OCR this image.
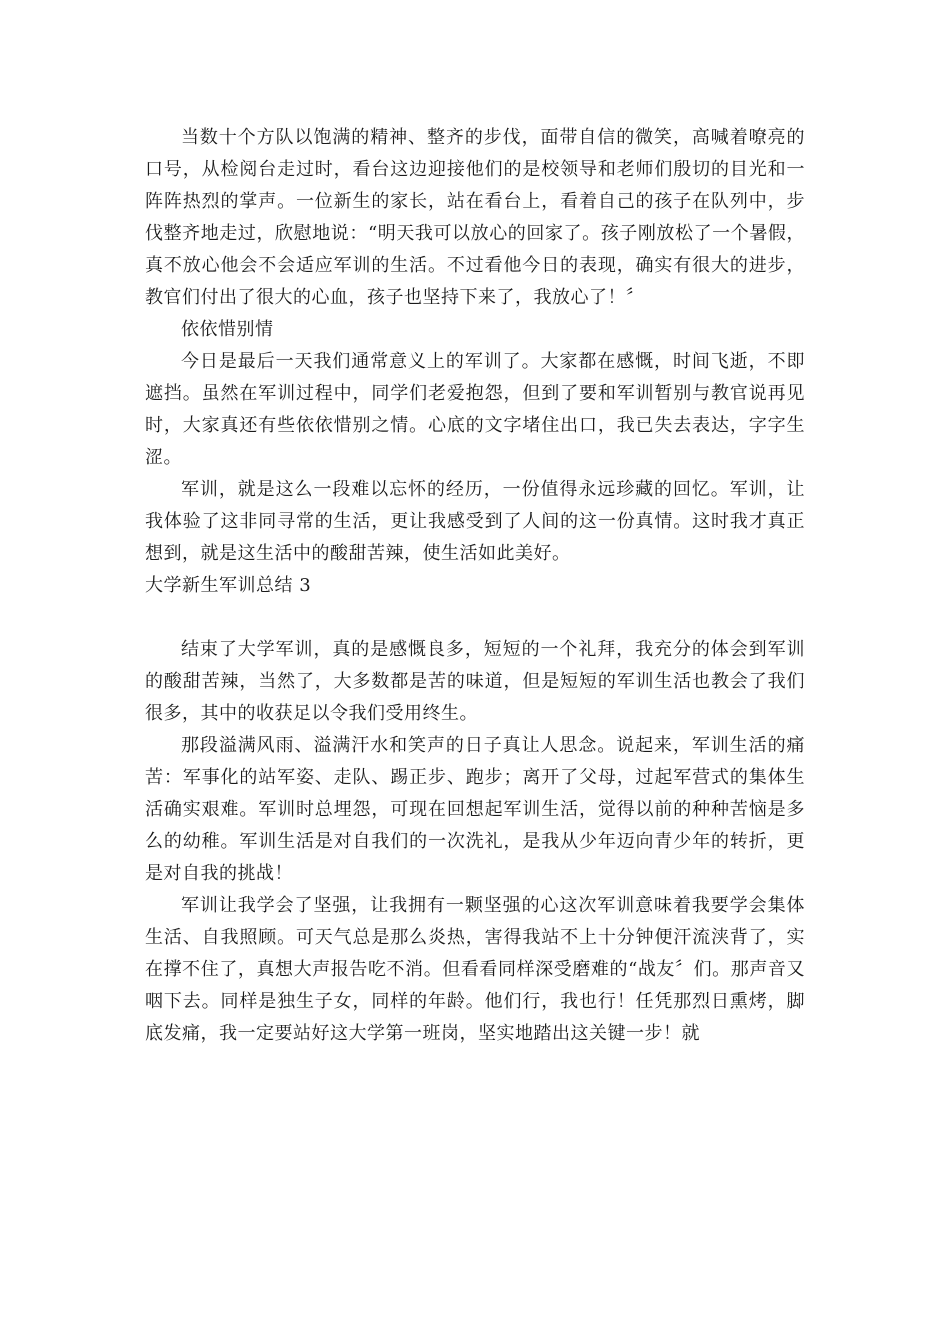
当数十个方队以饱满的精神、整齐的步伐，面带自信的微笑，高喊着嘹亮的口号，从检阅台走过时，看台这边迎接他们的是校领导和老师们殷切的目光和一阵阵热烈的掌声。一位新生的家长，站在看台上，看着自己的孩子在队列中，步伐整齐地走过，欣慰地说：“明天我可以放心的回家了。孩子刚放松了一个暑假，真不放心他会不会适应军训的生活。不过看他今日的表现，确实有很大的进步，教官们付出了很大的心血，孩子也坚持下来了，我放心了！〞

依依惜别情

今日是最后一天我们通常意义上的军训了。大家都在感慨，时间飞逝，不即遮挡。虽然在军训过程中，同学们老爱抱怨，但到了要和军训暂别与教官说再见时，大家真还有些依依惜别之情。心底的文字堵住出口，我已失去表达，字字生涩。

军训，就是这么一段难以忘怀的经历，一份值得永远珍藏的回忆。军训，让我体验了这非同寻常的生活，更让我感受到了人间的这一份真情。这时我才真正想到，就是这生活中的酸甜苦辣，使生活如此美好。

大学新生军训总结 3

结束了大学军训，真的是感慨良多，短短的一个礼拜，我充分的体会到军训的酸甜苦辣，当然了，大多数都是苦的味道，但是短短的军训生活也教会了我们很多，其中的收获足以令我们受用终生。

那段溢满风雨、溢满汗水和笑声的日子真让人思念。说起来，军训生活的痛苦：军事化的站军姿、走队、踢正步、跑步；离开了父母，过起军营式的集体生活确实艰难。军训时总埋怨，可现在回想起军训生活，觉得以前的种种苦恼是多么的幼稚。军训生活是对自我们的一次洗礼，是我从少年迈向青少年的转折，更是对自我的挑战！

军训让我学会了坚强，让我拥有一颗坚强的心这次军训意味着我要学会集体生活、自我照顾。可天气总是那么炎热，害得我站不上十分钟便汗流浃背了，实在撑不住了，真想大声报告吃不消。但看看同样深受磨难的“战友〞们。那声音又咽下去。同样是独生子女，同样的年龄。他们行，我也行！任凭那烈日熏烤，脚底发痛，我一定要站好这大学第一班岗，坚实地踏出这关键一步！就
